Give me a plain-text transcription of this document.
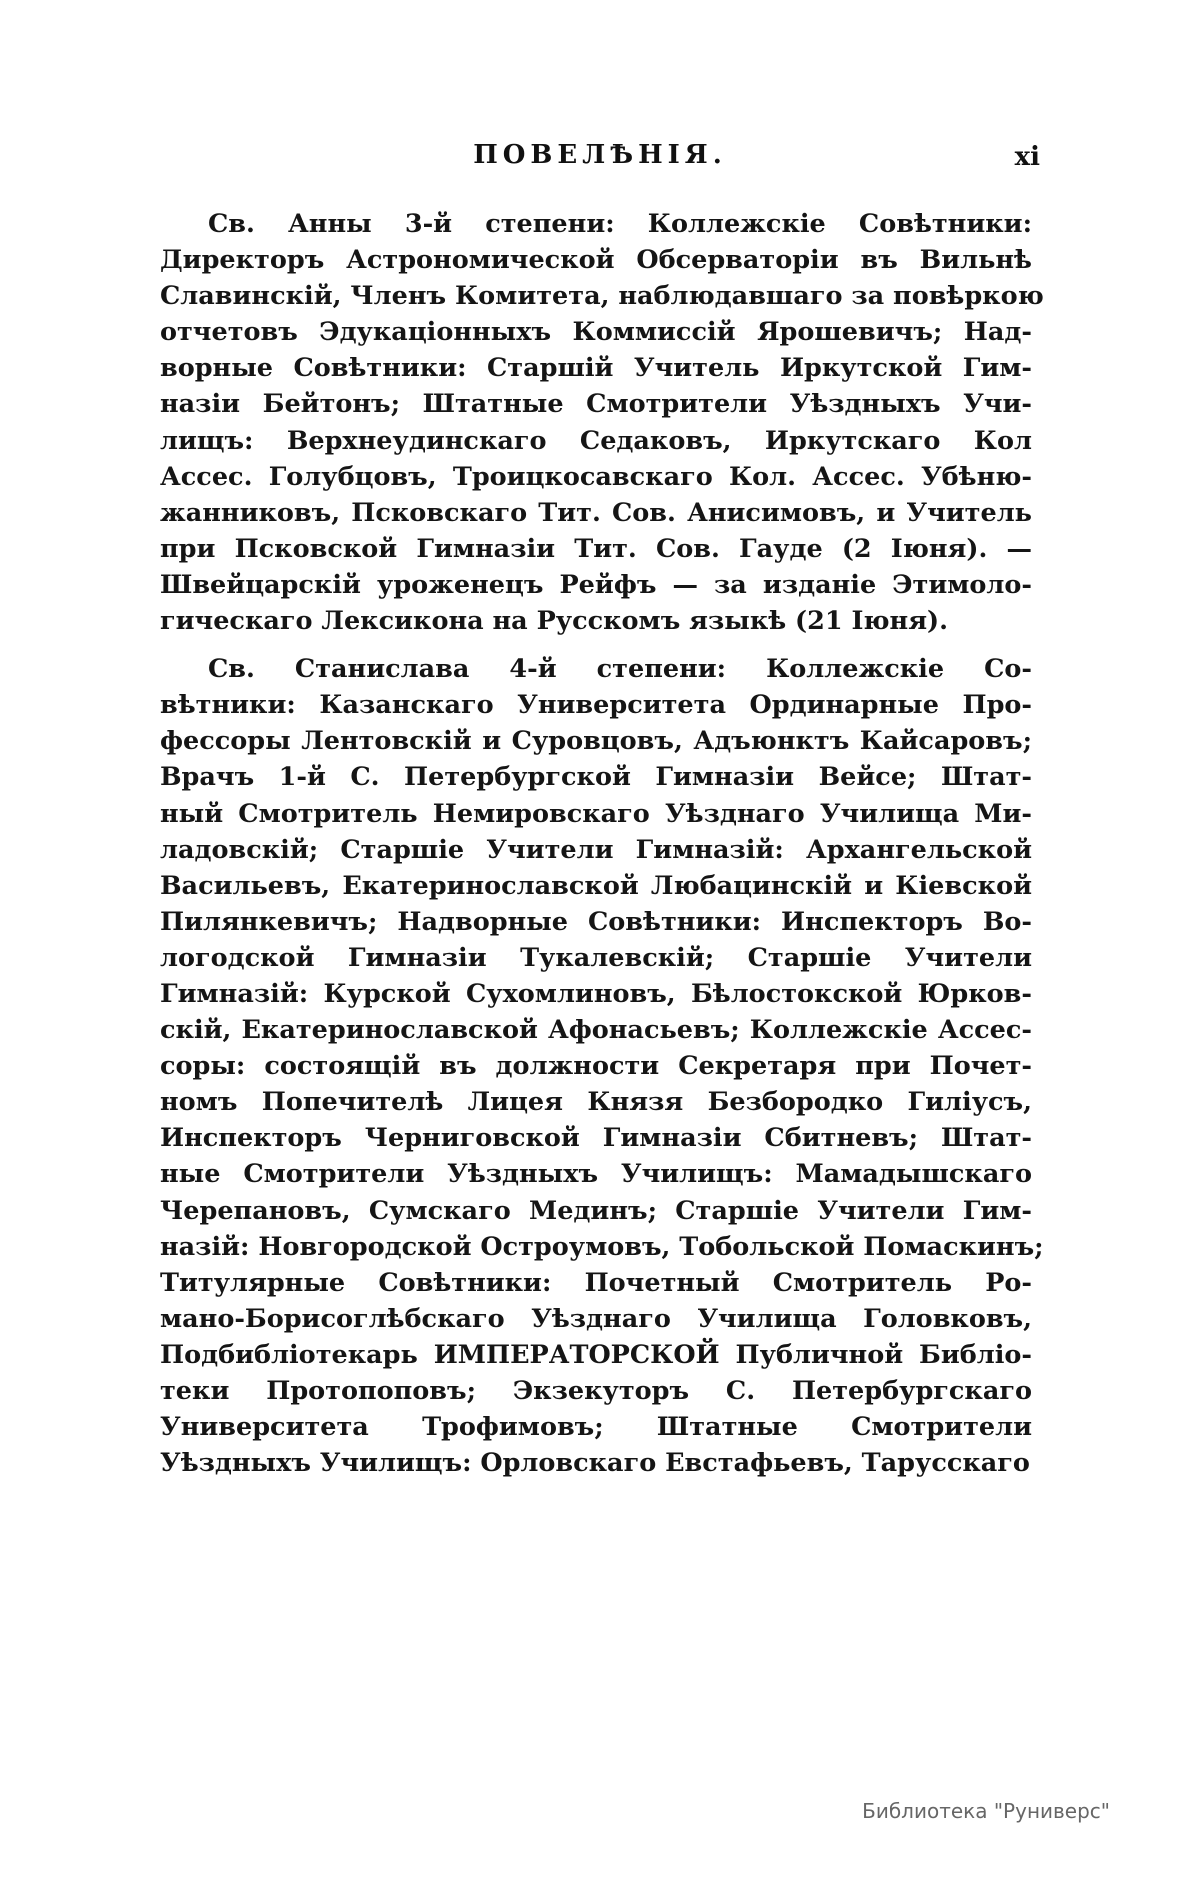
ПОВЕЛѢНІЯ.	xi
Св. Анны 3-й степени: Коллежскіе Совѣтники:
Директоръ Астрономической Обсерваторіи въ Вильнѣ
Славинскій, Членъ Комитета, наблюдавшаго за повѣркою
отчетовъ Эдукаціонныхъ Коммиссій Ярошевичъ; Над-
ворные Совѣтники: Старшій Учитель Иркутской Гим-
назіи Бейтонъ; Штатные Смотрители Уѣздныхъ Учи-
лищъ: Верхнеудинскаго Седаковъ, Иркутскаго Кол
Ассес. Голубцовъ, Троицкосавскаго Кол. Ассес. Убѣню-
жанниковъ, Псковскаго Тит. Сов. Анисимовъ, и Учитель
при Псковской Гимназіи Тит. Сов. Гауде (2 Іюня). —
Швейцарскій уроженецъ Рейфъ — за изданіе Этимоло-
гическаго Лексикона на Русскомъ языкѣ (21 Іюня).
Св. Станислава 4-й степени: Коллежскіе Со-
вѣтники: Казанскаго Университета Ординарные Про-
фессоры Лентовскій и Суровцовъ, Адъюнктъ Кайсаровъ;
Врачъ 1-й С. Петербургской Гимназіи Вейсе; Штат-
ный Смотритель Немировскаго Уѣзднаго Училища Ми-
ладовскій; Старшіе Учители Гимназій: Архангельской
Васильевъ, Екатеринославской Любацинскій и Кіевской
Пилянкевичъ; Надворные Совѣтники: Инспекторъ Во-
логодской Гимназіи Тукалевскій; Старшіе Учители
Гимназій: Курской Сухомлиновъ, Бѣлостокской Юрков-
скій, Екатеринославской Афонасьевъ; Коллежскіе Ассес-
соры: состоящій въ должности Секретаря при Почет-
номъ Попечителѣ Лицея Князя Безбородко Гиліусъ,
Инспекторъ Черниговской Гимназіи Сбитневъ; Штат-
ные Смотрители Уѣздныхъ Училищъ: Мамадышскаго
Черепановъ, Сумскаго Мединъ; Старшіе Учители Гим-
назій: Новгородской Остроумовъ, Тобольской Помаскинъ;
Титулярные Совѣтники: Почетный Смотритель Ро-
мано-Борисоглѣбскаго Уѣзднаго Училища Головковъ,
Подбибліотекарь ИМПЕРАТОРСКОЙ Публичной Библіо-
теки Протопоповъ; Экзекуторъ С. Петербургскаго
Университета Трофимовъ; Штатные Смотрители
Уѣздныхъ Училищъ: Орловскаго Евстафьевъ, Тарусскаго
Библиотека "Руниверс"
